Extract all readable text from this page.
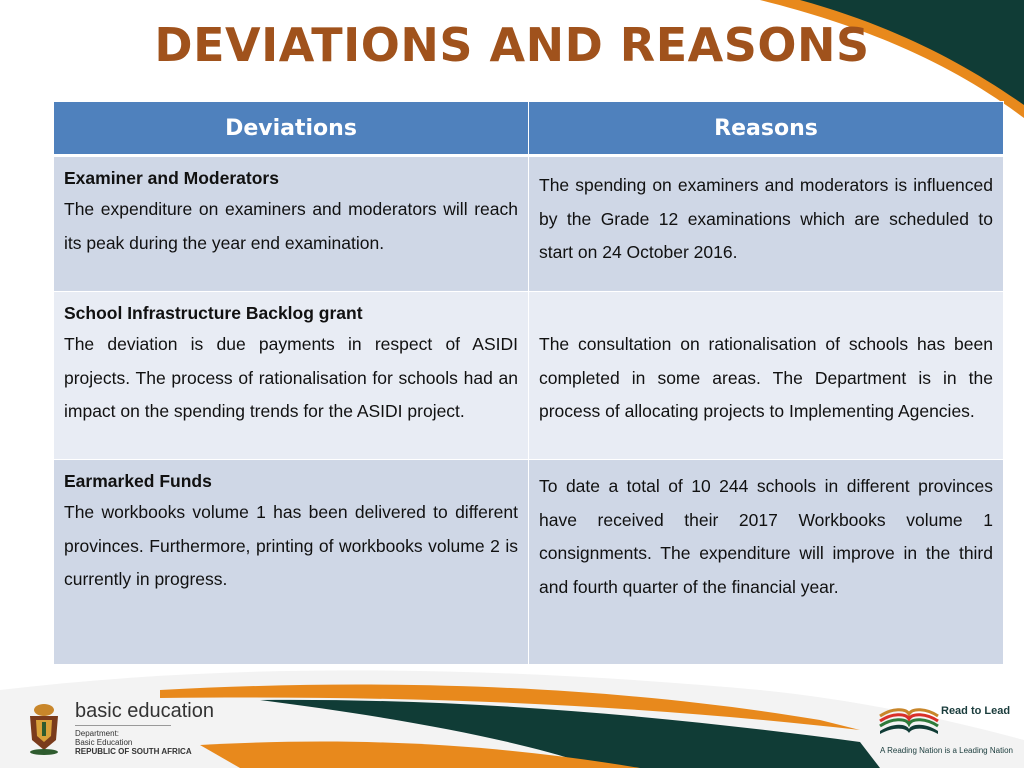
DEVIATIONS AND REASONS
Deviations	Reasons

Examiner and Moderators
The expenditure on examiners and moderators will reach its peak during the year end examination.	The spending on examiners and moderators is influenced by the Grade 12 examinations which are scheduled to start on 24 October 2016.

School Infrastructure Backlog grant
The deviation is due payments in respect of ASIDI projects. The process of rationalisation for schools had an impact on the spending trends for the ASIDI project.	The consultation on rationalisation of schools has been completed in some areas. The Department is in the process of allocating projects to Implementing Agencies.

Earmarked Funds
The workbooks volume 1 has been delivered to different provinces. Furthermore, printing of workbooks volume 2 is currently in progress.	To date a total of 10 244 schools in different provinces have received their 2017 Workbooks volume 1 consignments. The expenditure will improve in the third and fourth quarter of the financial year.
basic education
Department:
Basic Education
REPUBLIC OF SOUTH AFRICA
Read to Lead
A Reading Nation is a Leading Nation
